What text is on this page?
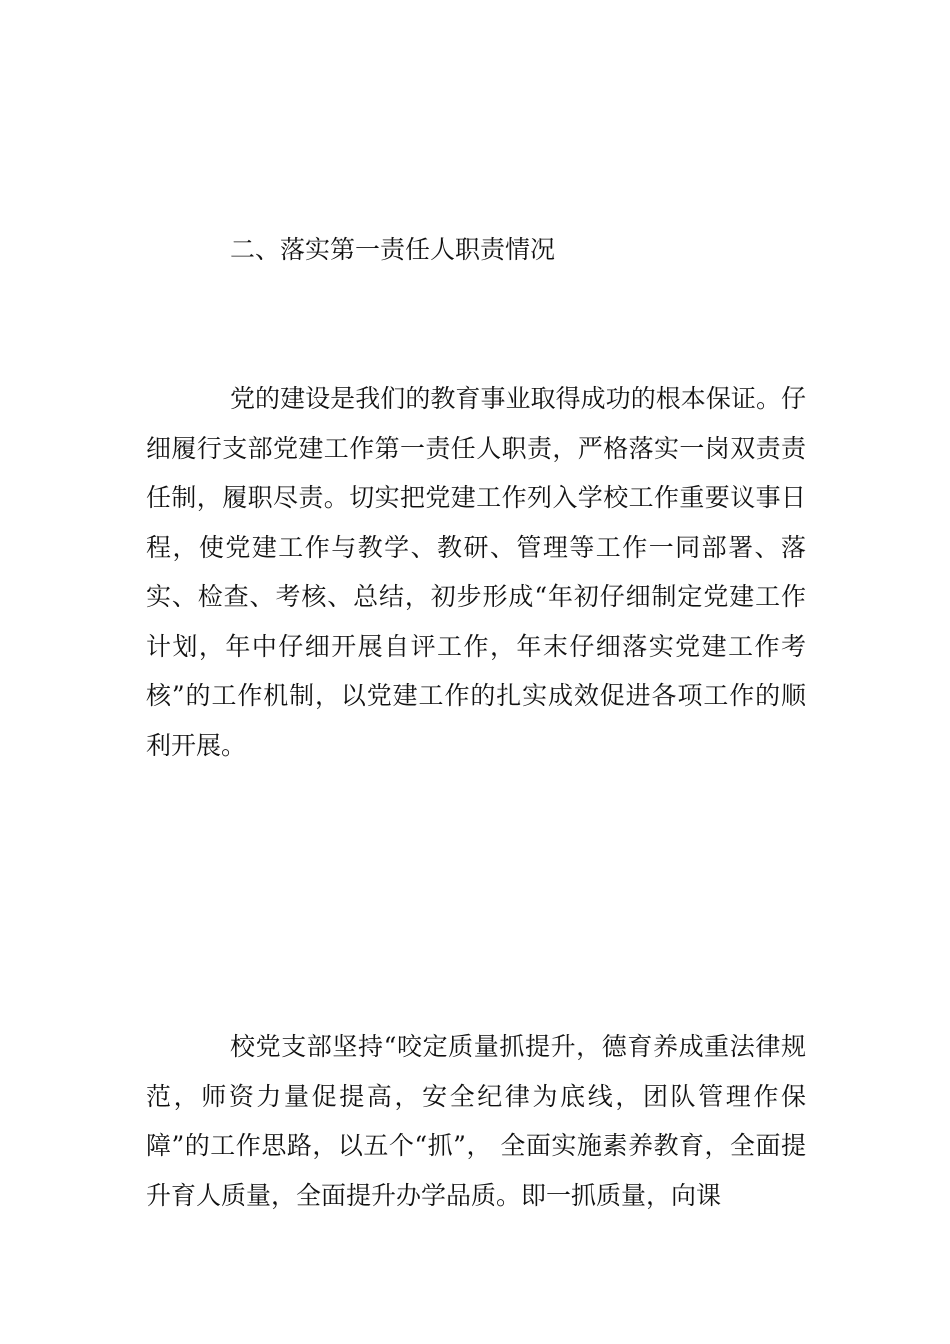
二、落实第一责任人职责情况

党的建设是我们的教育事业取得成功的根本保证。仔细履行支部党建工作第一责任人职责，严格落实一岗双责责任制，履职尽责。切实把党建工作列入学校工作重要议事日程，使党建工作与教学、教研、管理等工作一同部署、落实、检查、考核、总结，初步形成“年初仔细制定党建工作计划，年中仔细开展自评工作，年末仔细落实党建工作考核”的工作机制，以党建工作的扎实成效促进各项工作的顺利开展。

校党支部坚持“咬定质量抓提升，德育养成重法律规范，师资力量促提高，安全纪律为底线，团队管理作保障”的工作思路，以五个“抓”， 全面实施素养教育，全面提升育人质量，全面提升办学品质。即一抓质量，向课
